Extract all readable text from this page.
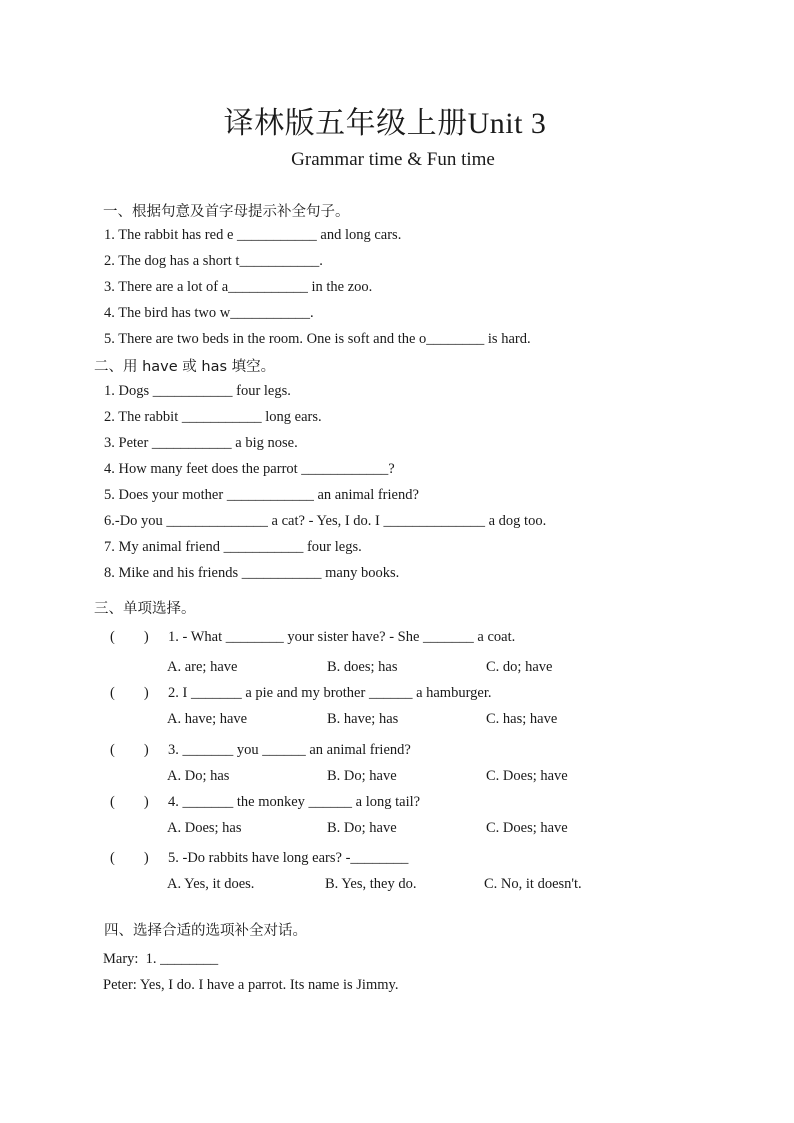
译林版五年级上册Unit 3
Grammar time & Fun time
一、根据句意及首字母提示补全句子。
1. The rabbit has red e ___________ and long cars.
2. The dog has a short t___________.
3. There are a lot of a___________ in the zoo.
4. The bird has two w___________.
5. There are two beds in the room. One is soft and the o________ is hard.
二、用 have 或 has 填空。
1. Dogs ___________ four legs.
2. The rabbit ___________ long ears.
3. Peter ___________ a big nose.
4. How many feet does the parrot ____________?
5. Does your mother ____________ an animal friend?
6.-Do you ______________ a cat? - Yes, I do. I ______________ a dog too.
7. My animal friend ___________ four legs.
8. Mike and his friends ___________ many books.
三、单项选择。
(        ) 1. - What ________ your sister have? - She _______ a coat.
A. are; have	B. does; has	C. do; have
(        ) 2. I _______ a pie and my brother ______ a hamburger.
A. have; have	B. have; has	C. has; have
(        ) 3. _______ you ______ an animal friend?
A. Do; has	B. Do; have	C. Does; have
(        ) 4. _______ the monkey ______ a long tail?
A. Does; has	B. Do; have	C. Does; have
(        ) 5. -Do rabbits have long ears? -________
A. Yes, it does.	B. Yes, they do.	C. No, it doesn't.
四、选择合适的选项补全对话。
Mary:  1. ________
Peter: Yes, I do. I have a parrot. Its name is Jimmy.
